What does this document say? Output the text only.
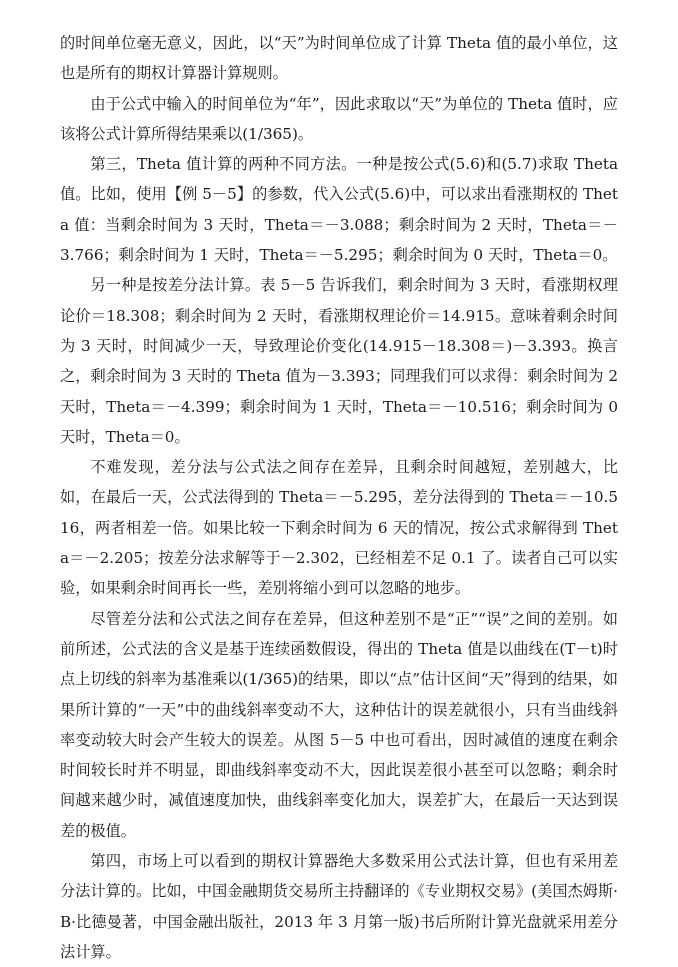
的时间单位毫无意义，因此，以“天”为时间单位成了计算 Theta 值的最小单位，这也是所有的期权计算器计算规则。

由于公式中输入的时间单位为“年”，因此求取以“天”为单位的 Theta 值时，应该将公式计算所得结果乘以(1/365)。

第三，Theta 值计算的两种不同方法。一种是按公式(5.6)和(5.7)求取 Theta 值。比如，使用【例 5－5】的参数，代入公式(5.6)中，可以求出看涨期权的 Theta 值：当剩余时间为 3 天时，Theta＝－3.088；剩余时间为 2 天时，Theta＝－3.766；剩余时间为 1 天时，Theta＝－5.295；剩余时间为 0 天时，Theta＝0。

另一种是按差分法计算。表 5－5 告诉我们，剩余时间为 3 天时，看涨期权理论价＝18.308；剩余时间为 2 天时，看涨期权理论价＝14.915。意味着剩余时间为 3 天时，时间减少一天，导致理论价变化(14.915－18.308＝)－3.393。换言之，剩余时间为 3 天时的 Theta 值为－3.393；同理我们可以求得：剩余时间为 2 天时，Theta＝－4.399；剩余时间为 1 天时，Theta＝－10.516；剩余时间为 0 天时，Theta＝0。

不难发现，差分法与公式法之间存在差异，且剩余时间越短，差别越大，比如，在最后一天，公式法得到的 Theta＝－5.295，差分法得到的 Theta＝－10.516，两者相差一倍。如果比较一下剩余时间为 6 天的情况，按公式求解得到 Theta＝－2.205；按差分法求解等于－2.302，已经相差不足 0.1 了。读者自己可以实验，如果剩余时间再长一些，差别将缩小到可以忽略的地步。

尽管差分法和公式法之间存在差异，但这种差别不是“正”“误”之间的差别。如前所述，公式法的含义是基于连续函数假设，得出的 Theta 值是以曲线在(T－t)时点上切线的斜率为基准乘以(1/365)的结果，即以“点”估计区间“天”得到的结果，如果所计算的“一天”中的曲线斜率变动不大，这种估计的误差就很小，只有当曲线斜率变动较大时会产生较大的误差。从图 5－5 中也可看出，因时减值的速度在剩余时间较长时并不明显，即曲线斜率变动不大，因此误差很小甚至可以忽略；剩余时间越来越少时，减值速度加快，曲线斜率变化加大，误差扩大，在最后一天达到误差的极值。

第四，市场上可以看到的期权计算器绝大多数采用公式法计算，但也有采用差分法计算的。比如，中国金融期货交易所主持翻译的《专业期权交易》(美国杰姆斯·B·比德曼著，中国金融出版社，2013 年 3 月第一版)书后所附计算光盘就采用差分法计算。
